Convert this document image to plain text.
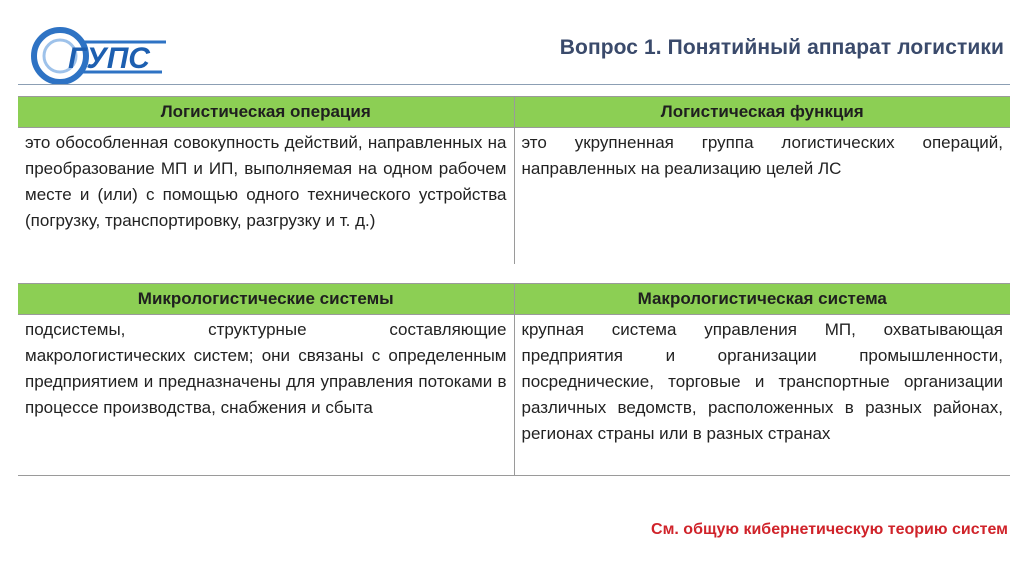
ГУПС	Вопрос 1. Понятийный аппарат логистики
Логистическая операция	Логистическая функция
это обособленная совокупность действий, направленных на преобразование МП и ИП, выполняемая на одном рабочем месте и (или) с помощью одного технического устройства (погрузку, транспортировку, разгрузку и т. д.)	это укрупненная группа логистических операций, направленных на реализацию целей ЛС
Микрологистические системы	Макрологистическая система
подсистемы, структурные составляющие макрологистических систем; они связаны с определенным предприятием и предназначены для управления потоками в процессе производства, снабжения и сбыта	крупная система управления МП, охватывающая предприятия и организации промышленности, посреднические, торговые и транспортные организации различных ведомств, расположенных в разных районах, регионах страны или в разных странах
См. общую кибернетическую теорию систем
